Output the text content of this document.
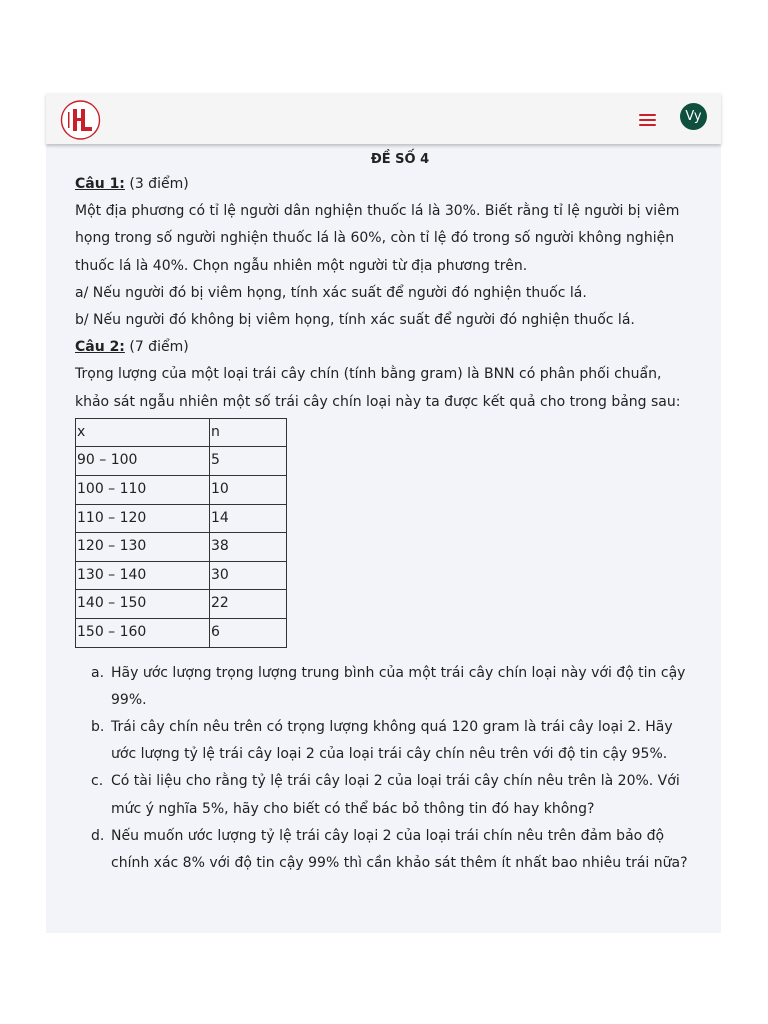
Vy
ĐỀ SỐ 4

Câu 1: (3 điểm)

Một địa phương có tỉ lệ người dân nghiện thuốc lá là 30%. Biết rằng tỉ lệ người bị viêm họng trong số người nghiện thuốc lá là 60%, còn tỉ lệ đó trong số người không nghiện thuốc lá là 40%. Chọn ngẫu nhiên một người từ địa phương trên.

a/ Nếu người đó bị viêm họng, tính xác suất để người đó nghiện thuốc lá.

b/ Nếu người đó không bị viêm họng, tính xác suất để người đó nghiện thuốc lá.

Câu 2: (7 điểm)

Trọng lượng của một loại trái cây chín (tính bằng gram) là BNN có phân phối chuẩn, khảo sát ngẫu nhiên một số trái cây chín loại này ta được kết quả cho trong bảng sau:

x	n
90 – 100	5
100 – 110	10
110 – 120	14
120 – 130	38
130 – 140	30
140 – 150	22
150 – 160	6
a. Hãy ước lượng trọng lượng trung bình của một trái cây chín loại này với độ tin cậy 99%.
b. Trái cây chín nêu trên có trọng lượng không quá 120 gram là trái cây loại 2. Hãy ước lượng tỷ lệ trái cây loại 2 của loại trái cây chín nêu trên với độ tin cậy 95%.
c. Có tài liệu cho rằng tỷ lệ trái cây loại 2 của loại trái cây chín nêu trên là 20%. Với mức ý nghĩa 5%, hãy cho biết có thể bác bỏ thông tin đó hay không?
d. Nếu muốn ước lượng tỷ lệ trái cây loại 2 của loại trái chín nêu trên đảm bảo độ chính xác 8% với độ tin cậy 99% thì cần khảo sát thêm ít nhất bao nhiêu trái nữa?
